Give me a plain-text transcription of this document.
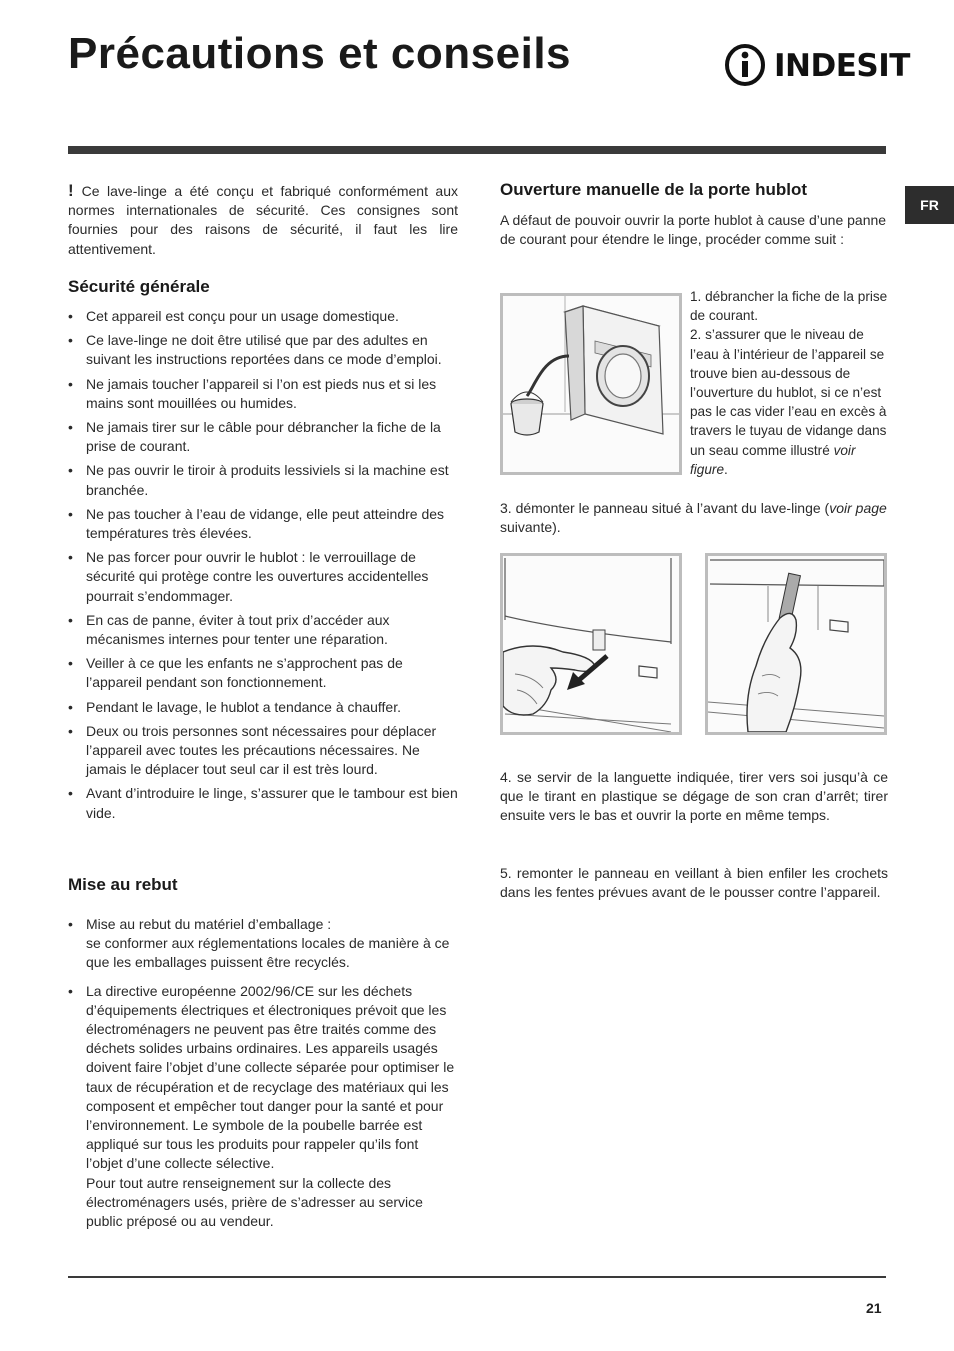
Précautions et conseils	INDESIT
FR

! Ce lave-linge a été conçu et fabriqué conformément aux normes internationales de sécurité. Ces consignes sont fournies pour des raisons de sécurité, il faut les lire attentivement.

Sécurité générale
• Cet appareil est conçu pour un usage domestique.
• Ce lave-linge ne doit être utilisé que par des adultes en suivant les instructions reportées dans ce mode d’emploi.
• Ne jamais toucher l’appareil si l’on est pieds nus et si les mains sont mouillées ou humides.
• Ne jamais tirer sur le câble pour débrancher la fiche de la prise de courant.
• Ne pas ouvrir le tiroir à produits lessiviels si la machine est branchée.
• Ne pas toucher à l’eau de vidange, elle peut atteindre des températures très élevées.
• Ne pas forcer pour ouvrir le hublot : le verrouillage de sécurité qui protège contre les ouvertures accidentelles pourrait s’endommager.
• En cas de panne, éviter à tout prix d’accéder aux mécanismes internes pour tenter une réparation.
• Veiller à ce que les enfants ne s’approchent pas de l’appareil pendant son fonctionnement.
• Pendant le lavage, le hublot a tendance à chauffer.
• Deux ou trois personnes sont nécessaires pour déplacer l’appareil avec toutes les précautions nécessaires. Ne jamais le déplacer tout seul car il est très lourd.
• Avant d’introduire le linge, s’assurer que le tambour est bien vide.
Mise au rebut
• Mise au rebut du matériel d’emballage :
se conformer aux réglementations locales de manière à ce que les emballages puissent être recyclés.
• La directive européenne 2002/96/CE sur les déchets d’équipements électriques et électroniques prévoit que les électroménagers ne peuvent pas être traités comme des déchets solides urbains ordinaires. Les appareils usagés doivent faire l’objet d’une collecte séparée pour optimiser le taux de récupération et de recyclage des matériaux qui les composent et empêcher tout danger pour la santé et pour l’environnement. Le symbole de la poubelle barrée est appliqué sur tous les produits pour rappeler qu’ils font l’objet d’une collecte sélective.
Pour tout autre renseignement sur la collecte des électroménagers usés, prière de s’adresser au service public préposé ou au vendeur.
Ouverture manuelle de la porte hublot

A défaut de pouvoir ouvrir la porte hublot à cause d’une panne de courant pour étendre le linge, procéder comme suit :

1. débrancher la fiche de la prise de courant.

2. s’assurer que le niveau de l’eau à l’intérieur de l’appareil se trouve bien au-dessous de l’ouverture du hublot, si ce n’est pas le cas vider l’eau en excès à travers le tuyau de vidange dans un seau comme illustré voir figure.

3. démonter le panneau situé à l’avant du lave-linge (voir page suivante).

4. se servir de la languette indiquée, tirer vers soi jusqu’à ce que le tirant en plastique se dégage de son cran d’arrêt; tirer ensuite vers le bas et ouvrir la porte en même temps.

5. remonter le panneau en veillant à bien enfiler les crochets dans les fentes prévues avant de le pousser contre l’appareil.

21
